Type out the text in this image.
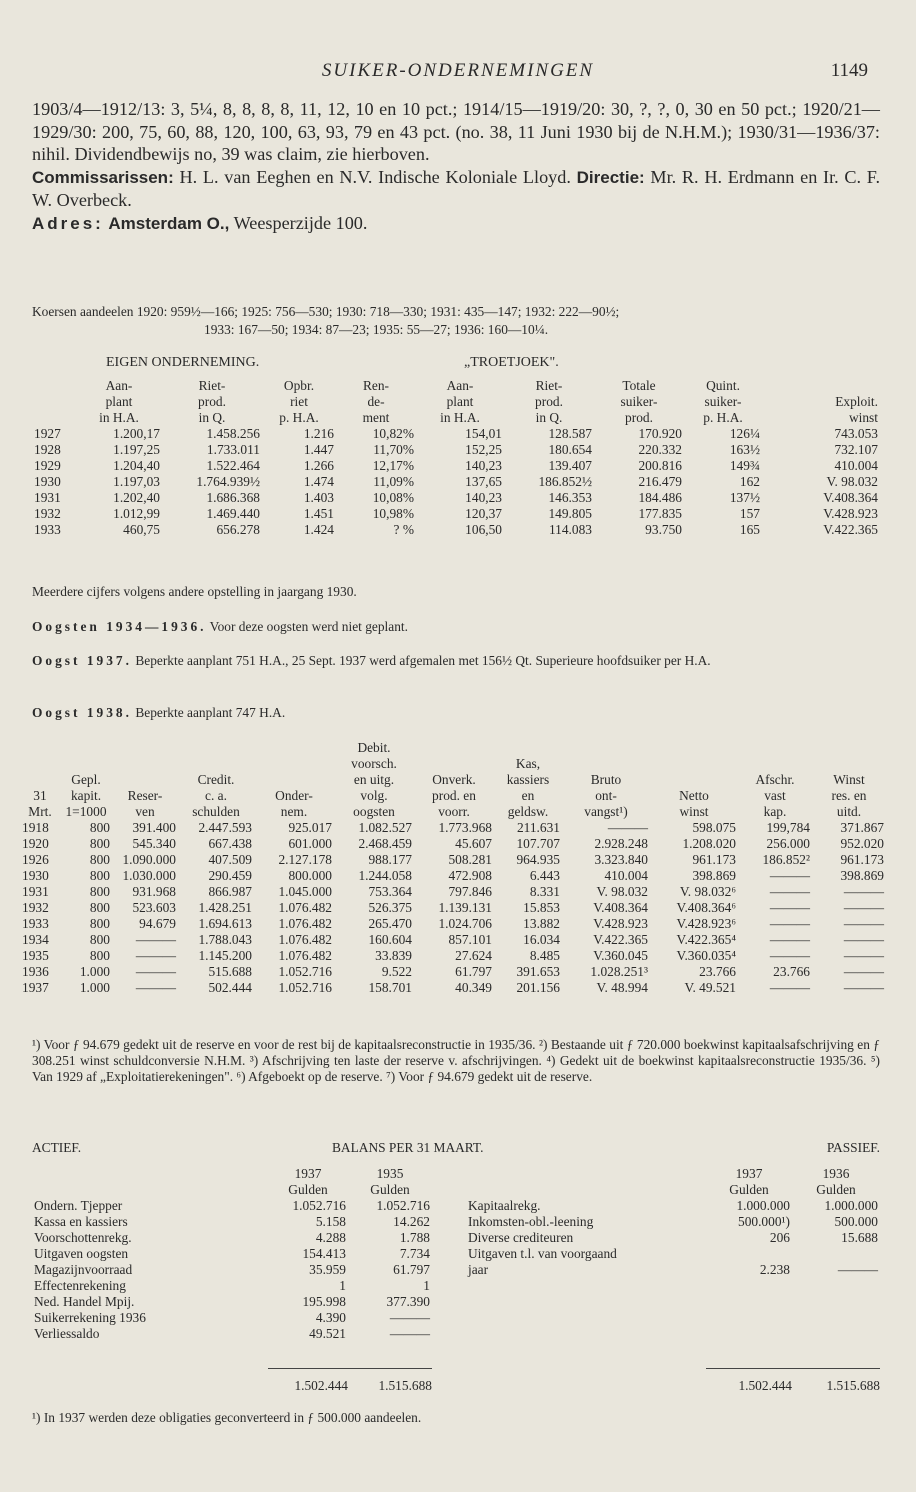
SUIKER-ONDERNEMINGEN	1149

1903/4—1912/13: 3, 5¼, 8, 8, 8, 8, 11, 12, 10 en 10 pct.; 1914/15—1919/20: 30, ?, ?, 0, 30 en 50 pct.; 1920/21—1929/30: 200, 75, 60, 88, 120, 100, 63, 93, 79 en 43 pct. (no. 38, 11 Juni 1930 bij de N.H.M.); 1930/31—1936/37: nihil. Dividendbewijs no, 39 was claim, zie hierboven.

Commissarissen: H. L. van Eeghen en N.V. Indische Koloniale Lloyd. Directie: Mr. R. H. Erdmann en Ir. C. F. W. Overbeck.

Adres: Amsterdam O., Weesperzijde 100.

Koersen aandeelen 1920: 959½—166; 1925: 756—530; 1930: 718—330; 1931: 435—147; 1932: 222—90½;

1933: 167—50; 1934: 87—23; 1935: 55—27; 1936: 160—10¼.

EIGEN ONDERNEMING.	„TROETJOEK".
	Aan-	Riet-	Opbr.	Ren-	Aan-	Riet-	Totale	Quint.	
	plant	prod.	riet	de-	plant	prod.	suiker-	suiker-	Exploit.
	in H.A.	in Q.	p. H.A.	ment	in H.A.	in Q.	prod.	p. H.A.	winst
1927	1.200,17	1.458.256	1.216	10,82%	154,01	128.587	170.920	126¼	743.053
1928	1.197,25	1.733.011	1.447	11,70%	152,25	180.654	220.332	163½	732.107
1929	1.204,40	1.522.464	1.266	12,17%	140,23	139.407	200.816	149¾	410.004
1930	1.197,03	1.764.939½	1.474	11,09%	137,65	186.852½	216.479	162	V. 98.032
1931	1.202,40	1.686.368	1.403	10,08%	140,23	146.353	184.486	137½	V.408.364
1932	1.012,99	1.469.440	1.451	10,98%	120,37	149.805	177.835	157	V.428.923
1933	460,75	656.278	1.424	? %	106,50	114.083	93.750	165	V.422.365

Meerdere cijfers volgens andere opstelling in jaargang 1930.

Oogsten 1934—1936. Voor deze oogsten werd niet geplant.

Oogst 1937. Beperkte aanplant 751 H.A., 25 Sept. 1937 werd afgemalen met 156½ Qt. Superieure hoofdsuiker per H.A.

Oogst 1938. Beperkte aanplant 747 H.A.

					Debit.						
					voorsch.		Kas,				
	Gepl.		Credit.		en uitg.	Onverk.	kassiers	Bruto		Afschr.	Winst
31	kapit.	Reser-	c. a.	Onder-	volg.	prod. en	en	ont-	Netto	vast	res. en
Mrt.	1=1000	ven	schulden	nem.	oogsten	voorr.	geldsw.	vangst¹)	winst	kap.	uitd.
1918	800	391.400	2.447.593	925.017	1.082.527	1.773.968	211.631	———	598.075	199,784	371.867
1920	800	545.340	667.438	601.000	2.468.459	45.607	107.707	2.928.248	1.208.020	256.000	952.020
1926	800	1.090.000	407.509	2.127.178	988.177	508.281	964.935	3.323.840	961.173	186.852²	961.173
1930	800	1.030.000	290.459	800.000	1.244.058	472.908	6.443	410.004	398.869	———	398.869
1931	800	931.968	866.987	1.045.000	753.364	797.846	8.331	V. 98.032	V. 98.032⁶	———	———
1932	800	523.603	1.428.251	1.076.482	526.375	1.139.131	15.853	V.408.364	V.408.364⁶	———	———
1933	800	94.679	1.694.613	1.076.482	265.470	1.024.706	13.882	V.428.923	V.428.923⁶	———	———
1934	800	———	1.788.043	1.076.482	160.604	857.101	16.034	V.422.365	V.422.365⁴	———	———
1935	800	———	1.145.200	1.076.482	33.839	27.624	8.485	V.360.045	V.360.035⁴	———	———
1936	1.000	———	515.688	1.052.716	9.522	61.797	391.653	1.028.251³	23.766	23.766	———
1937	1.000	———	502.444	1.052.716	158.701	40.349	201.156	V. 48.994	V. 49.521	———	———

¹) Voor ƒ 94.679 gedekt uit de reserve en voor de rest bij de kapitaalsreconstructie in 1935/36. ²) Bestaande uit ƒ 720.000 boekwinst kapitaalsafschrijving en ƒ 308.251 winst schuldconversie N.H.M. ³) Afschrijving ten laste der reserve v. afschrijvingen. ⁴) Gedekt uit de boekwinst kapitaalsreconstructie 1935/36. ⁵) Van 1929 af „Exploitatierekeningen". ⁶) Afgeboekt op de reserve. ⁷) Voor ƒ 94.679 gedekt uit de reserve.

ACTIEF.	BALANS PER 31 MAART.	PASSIEF.
	1937	1935
	Gulden	Gulden
Ondern. Tjepper	1.052.716	1.052.716
Kassa en kassiers	5.158	14.262
Voorschottenrekg.	4.288	1.788
Uitgaven oogsten	154.413	7.734
Magazijnvoorraad	35.959	61.797
Effectenrekening	1	1
Ned. Handel Mpij.	195.998	377.390
Suikerrekening 1936	4.390	———
Verliessaldo	49.521	———
	1937	1936
	Gulden	Gulden
Kapitaalrekg.	1.000.000	1.000.000
Inkomsten-obl.-leening	500.000¹)	500.000
Diverse crediteuren	206	15.688
Uitgaven t.l. van voorgaand		
jaar	2.238	———
1.502.444	1.515.688	1.502.444	1.515.688
¹) In 1937 werden deze obligaties geconverteerd in ƒ 500.000 aandeelen.
